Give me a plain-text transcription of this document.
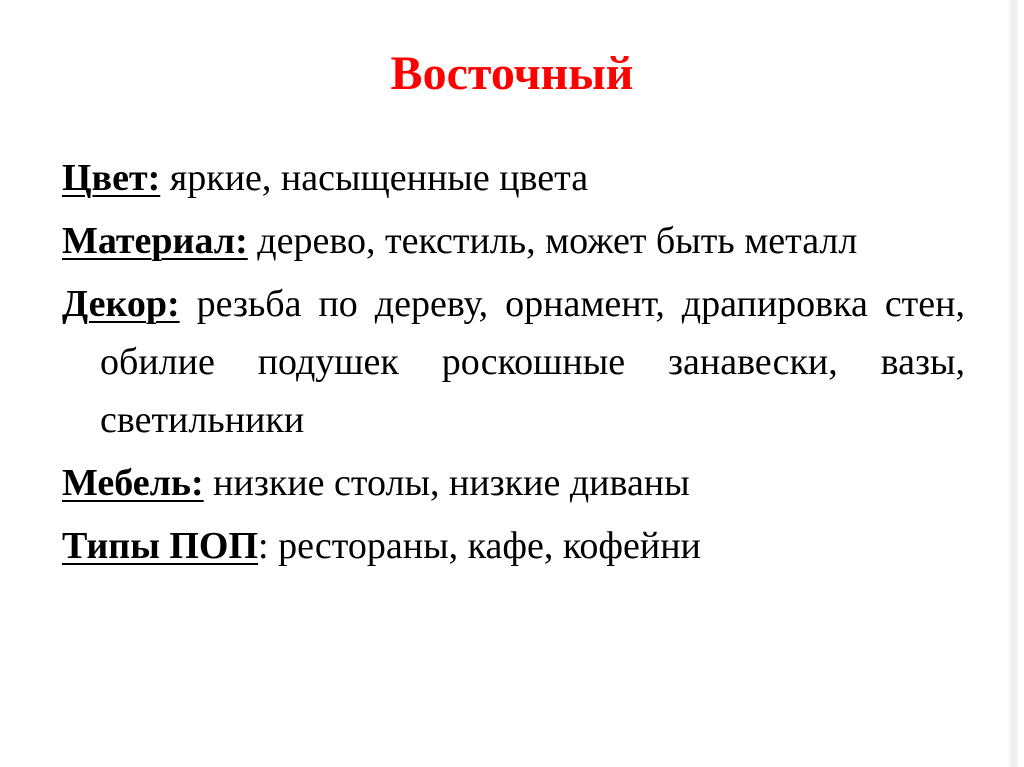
Восточный

Цвет: яркие, насыщенные цвета

Материал: дерево, текстиль, может быть металл

Декор: резьба по дереву, орнамент, драпировка стен, обилие подушек роскошные занавески, вазы, светильники

Мебель: низкие столы, низкие диваны

Типы ПОП: рестораны, кафе, кофейни
